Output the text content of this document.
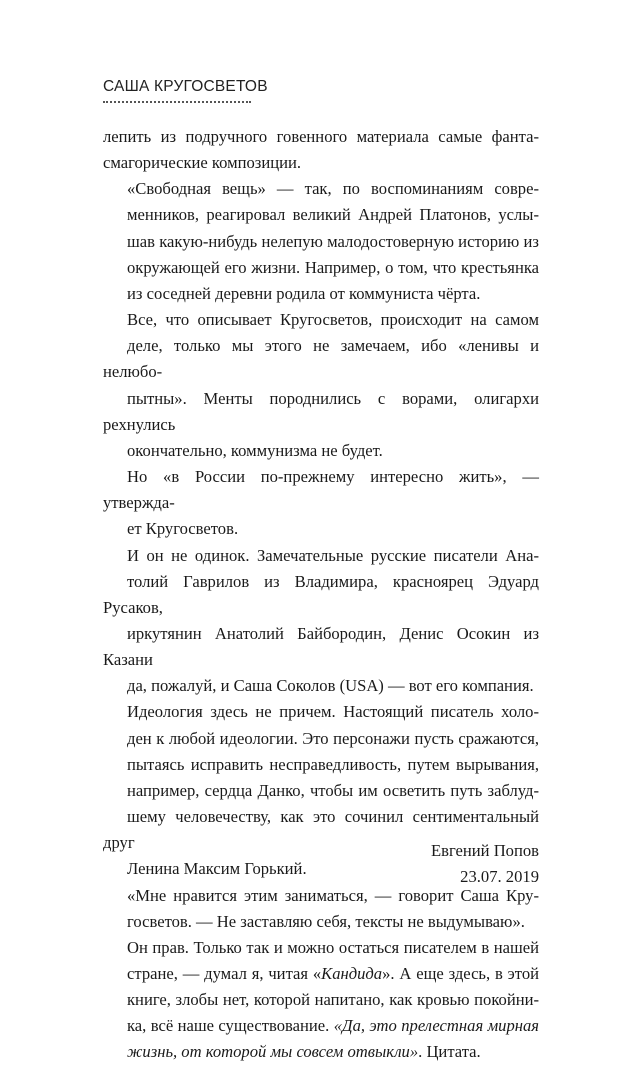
САША КРУГОСВЕТОВ

лепить из подручного говенного материала самые фанта-
смагорические композиции.

«Свободная вещь» — так, по воспоминаниям совре-
менников, реагировал великий Андрей Платонов, услы-
шав какую-нибудь нелепую малодостоверную историю из
окружающей его жизни. Например, о том, что крестьянка
из соседней деревни родила от коммуниста чёрта.

Все, что описывает Кругосветов, происходит на самом
деле, только мы этого не замечаем, ибо «ленивы и нелюбо-
пытны». Менты породнились с ворами, олигархи рехнулись
окончательно, коммунизма не будет.

Но «в России по-прежнему интересно жить», — утвержда-
ет Кругосветов.

И он не одинок. Замечательные русские писатели Ана-
толий Гаврилов из Владимира, красноярец Эдуард Русаков,
иркутянин Анатолий Байбородин, Денис Осокин из Казани
да, пожалуй, и Саша Соколов (USA) — вот его компания.

Идеология здесь не причем. Настоящий писатель холо-
ден к любой идеологии. Это персонажи пусть сражаются,
пытаясь исправить несправедливость, путем вырывания,
например, сердца Данко, чтобы им осветить путь заблуд-
шему человечеству, как это сочинил сентиментальный друг
Ленина Максим Горький.

«Мне нравится этим заниматься, — говорит Саша Кру-
госветов. — Не заставляю себя, тексты не выдумываю».

Он прав. Только так и можно остаться писателем в нашей
стране, — думал я, читая «Кандида». А еще здесь, в этой
книге, злобы нет, которой напитано, как кровью покойни-
ка, всё наше существование. «Да, это прелестная мирная
жизнь, от которой мы совсем отвыкли». Цитата.

Евгений Попов
23.07. 2019
